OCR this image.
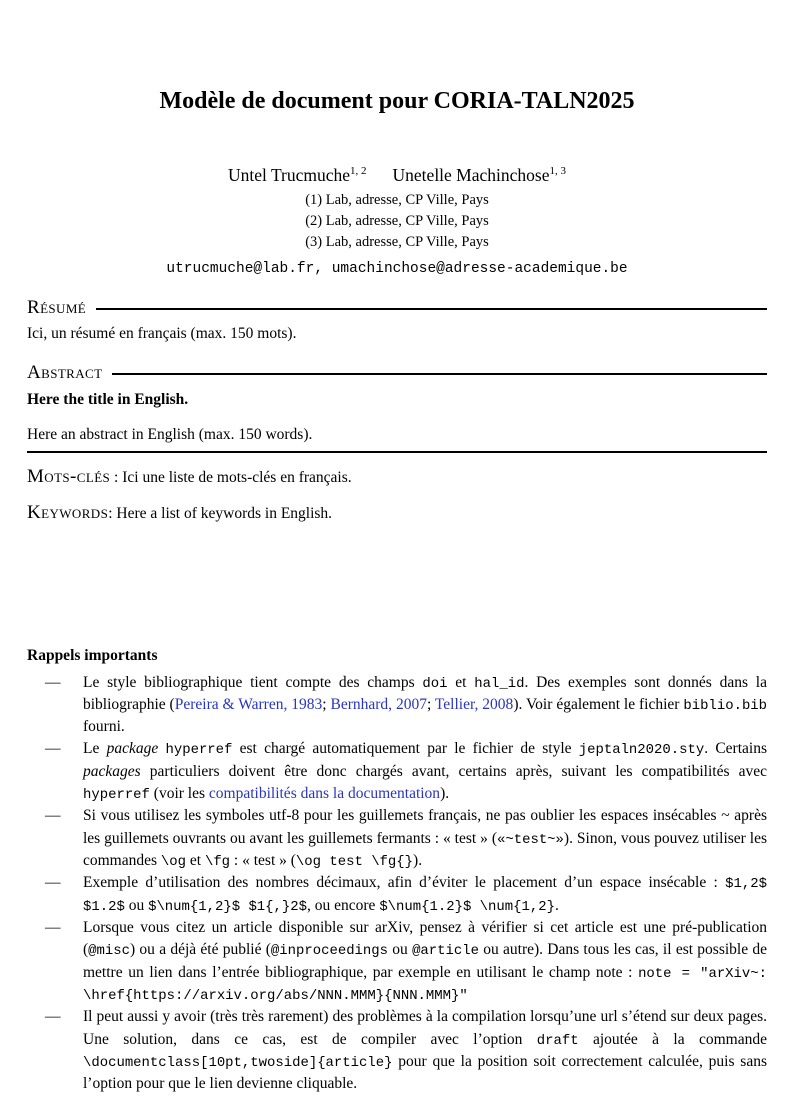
Modèle de document pour CORIA-TALN2025
Untel Trucmuche$^{1, 2}$ Unetelle Machinchose$^{1, 3}$
(1) Lab, adresse, CP Ville, Pays
(2) Lab, adresse, CP Ville, Pays
(3) Lab, adresse, CP Ville, Pays
utrucmuche@lab.fr, umachinchose@adresse-academique.be
Résumé

Ici, un résumé en français (max. 150 mots).

Abstract

Here the title in English.

Here an abstract in English (max. 150 words).

Mots-clés : Ici une liste de mots-clés en français.

Keywords: Here a list of keywords in English.

Rappels importants

— Le style bibliographique tient compte des champs doi et hal_id. Des exemples sont donnés dans la bibliographie (Pereira & Warren, 1983; Bernhard, 2007; Tellier, 2008). Voir également le fichier biblio.bib fourni.
— Le package hyperref est chargé automatiquement par le fichier de style jeptaln2020.sty. Certains packages particuliers doivent être donc chargés avant, certains après, suivant les compatibilités avec hyperref (voir les compatibilités dans la documentation).
— Si vous utilisez les symboles utf-8 pour les guillemets français, ne pas oublier les espaces insécables ~ après les guillemets ouvrants ou avant les guillemets fermants : « test » («~test~»). Sinon, vous pouvez utiliser les commandes \og et \fg : « test » (\og test \fg{}).
— Exemple d’utilisation des nombres décimaux, afin d’éviter le placement d’un espace insécable : $1,2$ $1.2$ ou $\num{1,2}$ $1{,}2$, ou encore $\num{1.2}$ \num{1,2}.
— Lorsque vous citez un article disponible sur arXiv, pensez à vérifier si cet article est une pré-publication (@misc) ou a déjà été publié (@inproceedings ou @article ou autre). Dans tous les cas, il est possible de mettre un lien dans l’entrée bibliographique, par exemple en utilisant le champ note : note = "arXiv~: \href{https://arxiv.org/abs/NNN.MMM}{NNN.MMM}"
— Il peut aussi y avoir (très très rarement) des problèmes à la compilation lorsqu’une url s’étend sur deux pages. Une solution, dans ce cas, est de compiler avec l’option draft ajoutée à la commande \documentclass[10pt,twoside]{article} pour que la position soit correctement calculée, puis sans l’option pour que le lien devienne cliquable.
